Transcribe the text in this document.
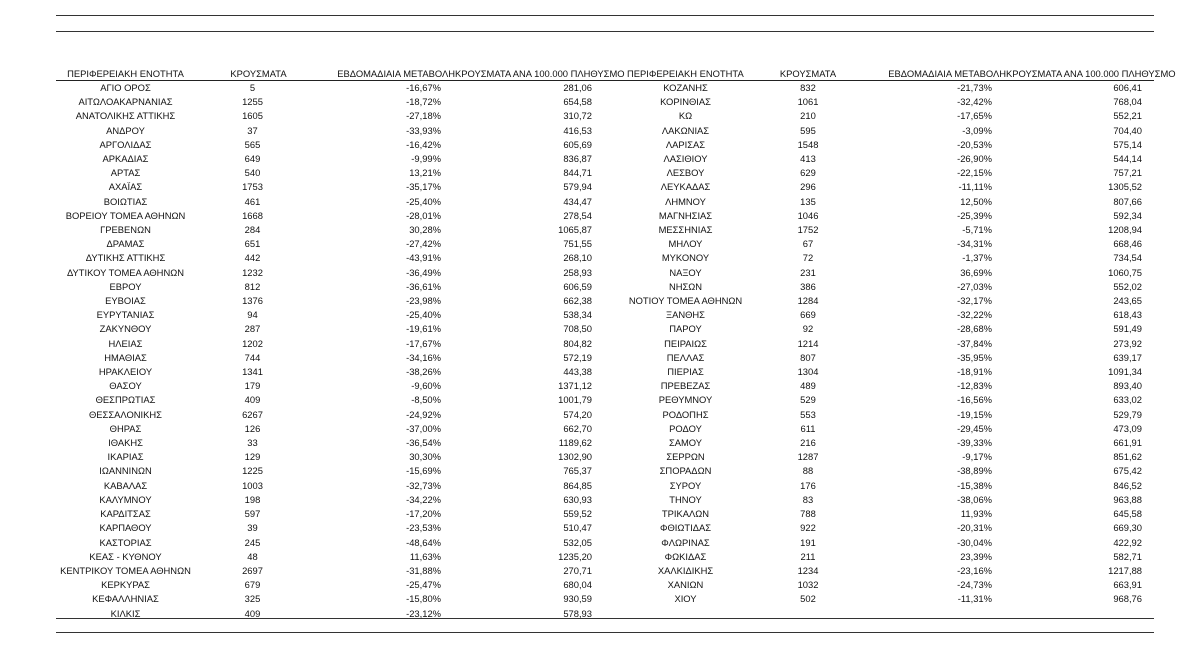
ΠΕΡΙΦΕΡΕΙΑΚΗ ΕΝΟΤΗΤΑ	ΚΡΟΥΣΜΑΤΑ	ΕΒΔΟΜΑΔΙΑΙΑ ΜΕΤΑΒΟΛΗ	ΚΡΟΥΣΜΑΤΑ ΑΝΑ 100.000 ΠΛΗΘΥΣΜΟ	ΠΕΡΙΦΕΡΕΙΑΚΗ ΕΝΟΤΗΤΑ	ΚΡΟΥΣΜΑΤΑ	ΕΒΔΟΜΑΔΙΑΙΑ ΜΕΤΑΒΟΛΗ	ΚΡΟΥΣΜΑΤΑ ΑΝΑ 100.000 ΠΛΗΘΥΣΜΟ
ΑΓΙΟ ΟΡΟΣ	5	-16,67%	281,06	ΚΟΖΑΝΗΣ	832	-21,73%	606,41
ΑΙΤΩΛΟΑΚΑΡΝΑΝΙΑΣ	1255	-18,72%	654,58	ΚΟΡΙΝΘΙΑΣ	1061	-32,42%	768,04
ΑΝΑΤΟΛΙΚΗΣ ΑΤΤΙΚΗΣ	1605	-27,18%	310,72	ΚΩ	210	-17,65%	552,21
ΑΝΔΡΟΥ	37	-33,93%	416,53	ΛΑΚΩΝΙΑΣ	595	-3,09%	704,40
ΑΡΓΟΛΙΔΑΣ	565	-16,42%	605,69	ΛΑΡΙΣΑΣ	1548	-20,53%	575,14
ΑΡΚΑΔΙΑΣ	649	-9,99%	836,87	ΛΑΣΙΘΙΟΥ	413	-26,90%	544,14
ΑΡΤΑΣ	540	13,21%	844,71	ΛΕΣΒΟΥ	629	-22,15%	757,21
ΑΧΑΪΑΣ	1753	-35,17%	579,94	ΛΕΥΚΑΔΑΣ	296	-11,11%	1305,52
ΒΟΙΩΤΙΑΣ	461	-25,40%	434,47	ΛΗΜΝΟΥ	135	12,50%	807,66
ΒΟΡΕΙΟΥ ΤΟΜΕΑ ΑΘΗΝΩΝ	1668	-28,01%	278,54	ΜΑΓΝΗΣΙΑΣ	1046	-25,39%	592,34
ΓΡΕΒΕΝΩΝ	284	30,28%	1065,87	ΜΕΣΣΗΝΙΑΣ	1752	-5,71%	1208,94
ΔΡΑΜΑΣ	651	-27,42%	751,55	ΜΗΛΟΥ	67	-34,31%	668,46
ΔΥΤΙΚΗΣ ΑΤΤΙΚΗΣ	442	-43,91%	268,10	ΜΥΚΟΝΟΥ	72	-1,37%	734,54
ΔΥΤΙΚΟΥ ΤΟΜΕΑ ΑΘΗΝΩΝ	1232	-36,49%	258,93	ΝΑΞΟΥ	231	36,69%	1060,75
ΕΒΡΟΥ	812	-36,61%	606,59	ΝΗΣΩΝ	386	-27,03%	552,02
ΕΥΒΟΙΑΣ	1376	-23,98%	662,38	ΝΟΤΙΟΥ ΤΟΜΕΑ ΑΘΗΝΩΝ	1284	-32,17%	243,65
ΕΥΡΥΤΑΝΙΑΣ	94	-25,40%	538,34	ΞΑΝΘΗΣ	669	-32,22%	618,43
ΖΑΚΥΝΘΟΥ	287	-19,61%	708,50	ΠΑΡΟΥ	92	-28,68%	591,49
ΗΛΕΙΑΣ	1202	-17,67%	804,82	ΠΕΙΡΑΙΩΣ	1214	-37,84%	273,92
ΗΜΑΘΙΑΣ	744	-34,16%	572,19	ΠΕΛΛΑΣ	807	-35,95%	639,17
ΗΡΑΚΛΕΙΟΥ	1341	-38,26%	443,38	ΠΙΕΡΙΑΣ	1304	-18,91%	1091,34
ΘΑΣΟΥ	179	-9,60%	1371,12	ΠΡΕΒΕΖΑΣ	489	-12,83%	893,40
ΘΕΣΠΡΩΤΙΑΣ	409	-8,50%	1001,79	ΡΕΘΥΜΝΟΥ	529	-16,56%	633,02
ΘΕΣΣΑΛΟΝΙΚΗΣ	6267	-24,92%	574,20	ΡΟΔΟΠΗΣ	553	-19,15%	529,79
ΘΗΡΑΣ	126	-37,00%	662,70	ΡΟΔΟΥ	611	-29,45%	473,09
ΙΘΑΚΗΣ	33	-36,54%	1189,62	ΣΑΜΟΥ	216	-39,33%	661,91
ΙΚΑΡΙΑΣ	129	30,30%	1302,90	ΣΕΡΡΩΝ	1287	-9,17%	851,62
ΙΩΑΝΝΙΝΩΝ	1225	-15,69%	765,37	ΣΠΟΡΑΔΩΝ	88	-38,89%	675,42
ΚΑΒΑΛΑΣ	1003	-32,73%	864,85	ΣΥΡΟΥ	176	-15,38%	846,52
ΚΑΛΥΜΝΟΥ	198	-34,22%	630,93	ΤΗΝΟΥ	83	-38,06%	963,88
ΚΑΡΔΙΤΣΑΣ	597	-17,20%	559,52	ΤΡΙΚΑΛΩΝ	788	11,93%	645,58
ΚΑΡΠΑΘΟΥ	39	-23,53%	510,47	ΦΘΙΩΤΙΔΑΣ	922	-20,31%	669,30
ΚΑΣΤΟΡΙΑΣ	245	-48,64%	532,05	ΦΛΩΡΙΝΑΣ	191	-30,04%	422,92
ΚΕΑΣ - ΚΥΘΝΟΥ	48	11,63%	1235,20	ΦΩΚΙΔΑΣ	211	23,39%	582,71
ΚΕΝΤΡΙΚΟΥ ΤΟΜΕΑ ΑΘΗΝΩΝ	2697	-31,88%	270,71	ΧΑΛΚΙΔΙΚΗΣ	1234	-23,16%	1217,88
ΚΕΡΚΥΡΑΣ	679	-25,47%	680,04	ΧΑΝΙΩΝ	1032	-24,73%	663,91
ΚΕΦΑΛΛΗΝΙΑΣ	325	-15,80%	930,59	ΧΙΟΥ	502	-11,31%	968,76
ΚΙΛΚΙΣ	409	-23,12%	578,93				
